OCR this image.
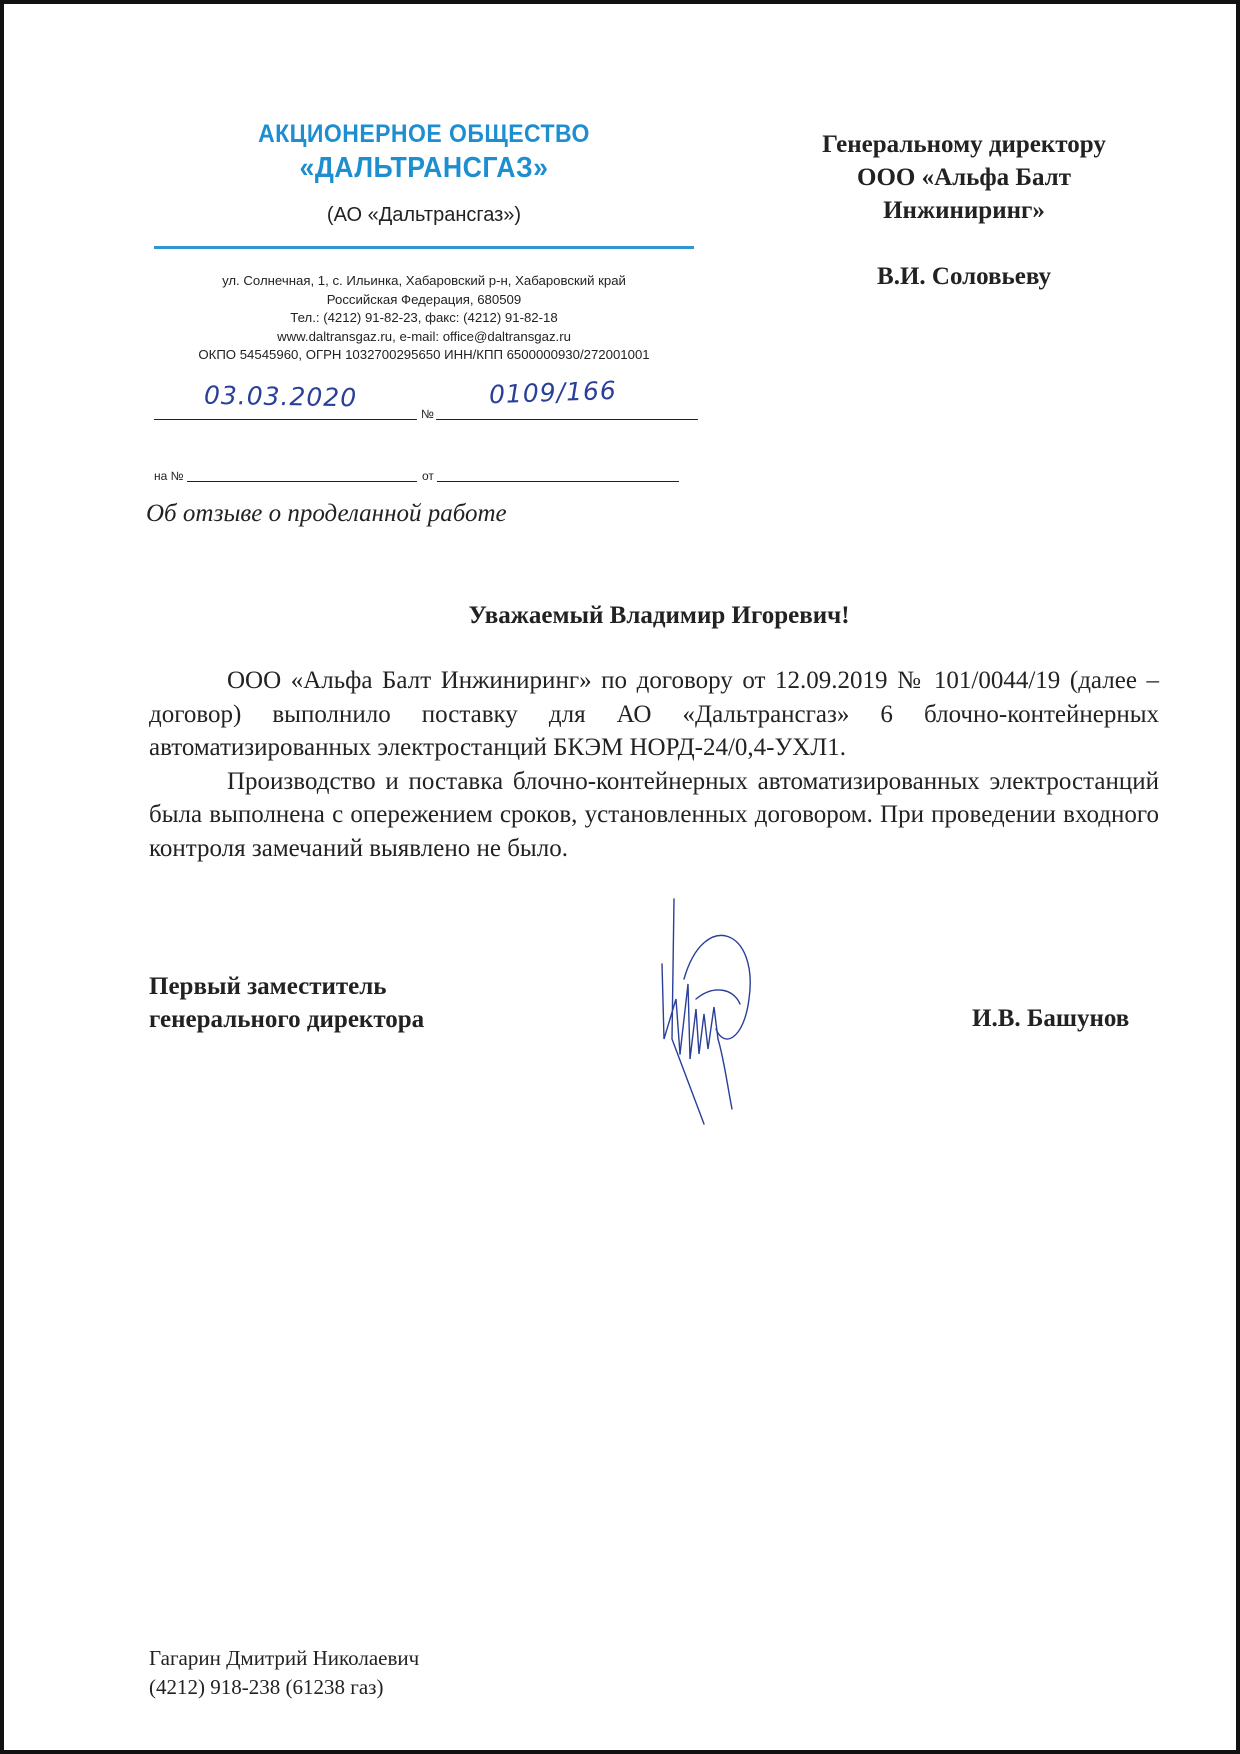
АКЦИОНЕРНОЕ ОБЩЕСТВО
«ДАЛЬТРАНСГАЗ»
(АО «Дальтрансгаз»)
ул. Солнечная, 1, с. Ильинка, Хабаровский р-н, Хабаровский край
Российская Федерация, 680509
Тел.: (4212) 91-82-23, факс: (4212) 91-82-18
www.daltransgaz.ru, e-mail: office@daltransgaz.ru
ОКПО 54545960, ОГРН 1032700295650 ИНН/КПП 6500000930/272001001
03.03.2020
№
0109/166
на №	от
Об отзыве о проделанной работе
Генеральному директору
ООО «Альфа Балт
Инжиниринг»
В.И. Соловьеву
Уважаемый Владимир Игоревич!

ООО «Альфа Балт Инжиниринг» по договору от 12.09.2019 № 101/0044/19 (далее – договор) выполнило поставку для АО «Дальтрансгаз» 6 блочно-контейнерных автоматизированных электростанций БКЭМ НОРД-24/0,4-УХЛ1.

Производство и поставка блочно-контейнерных автоматизированных электростанций была выполнена с опережением сроков, установленных договором. При проведении входного контроля замечаний выявлено не было.

Первый заместитель
генерального директора	И.В. Башунов
Гагарин Дмитрий Николаевич
(4212) 918-238 (61238 газ)
